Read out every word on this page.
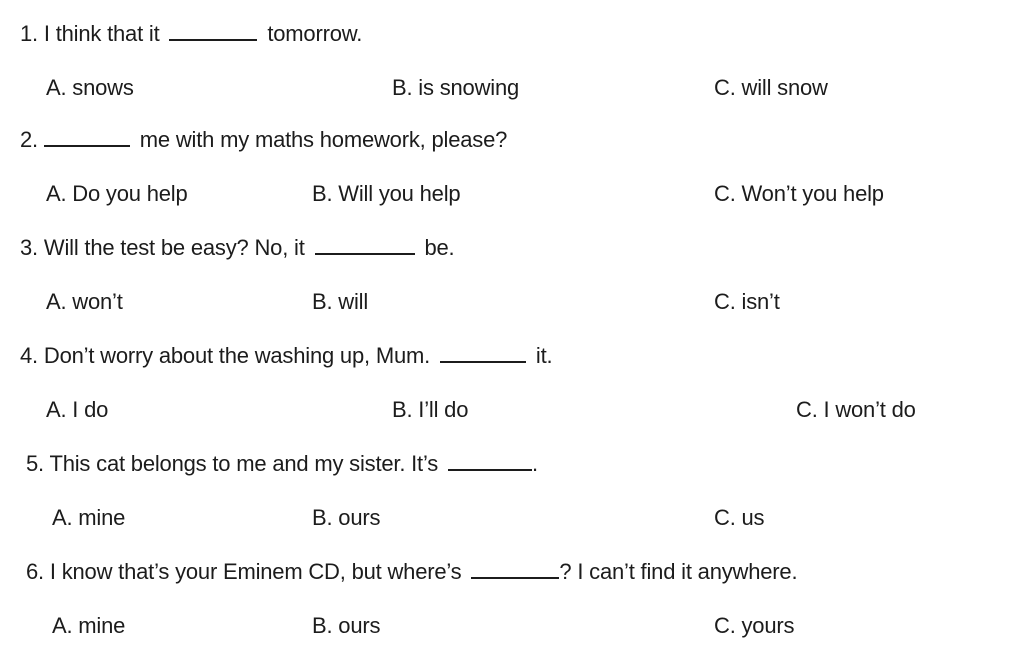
1. I think that it	tomorrow.
A. snows	B. is snowing	C. will snow
2.	me with my maths homework, please?
A. Do you help	B. Will you help	C. Won’t you help
3. Will the test be easy? No, it	be.
A. won’t	B. will	C. isn’t
4. Don’t worry about the washing up, Mum.	it.
A. I do	B. I’ll do	C. I won’t do
5. This cat belongs to me and my sister. It’s	.
A. mine	B. ours	C. us
6. I know that’s your Eminem CD, but where’s	? I can’t find it anywhere.
A. mine	B. ours	C. yours
